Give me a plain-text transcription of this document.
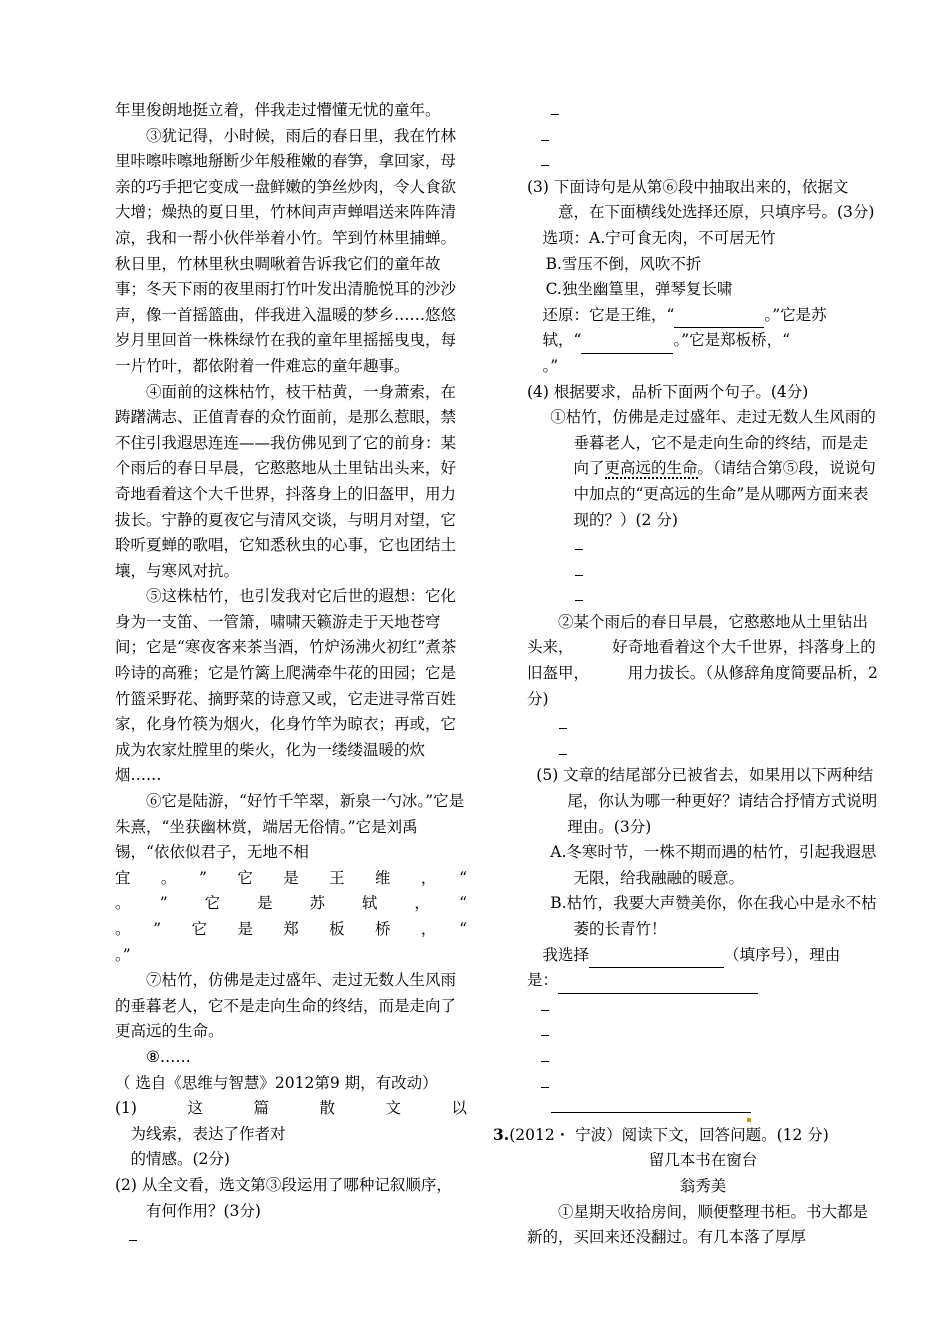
年里俊朗地挺立着，伴我走过懵懂无忧的童年。

③犹记得，小时候，雨后的春日里，我在竹林里咔嚓咔嚓地掰断少年般稚嫩的春笋，拿回家，母亲的巧手把它变成一盘鲜嫩的笋丝炒肉，令人食欲大增；燥热的夏日里，竹林间声声蝉唱送来阵阵清凉，我和一帮小伙伴举着小竹。竿到竹林里捕蝉。秋日里，竹林里秋虫啁啾着告诉我它们的童年故事；冬天下雨的夜里雨打竹叶发出清脆悦耳的沙沙声，像一首摇篮曲，伴我进入温暖的梦乡……悠悠岁月里回首一株株绿竹在我的童年里摇摇曳曳，每一片竹叶，都依附着一件难忘的童年趣事。

④面前的这株枯竹，枝干枯黄，一身萧索，在踌躇满志、正值青春的众竹面前，是那么惹眼，禁不住引我遐思连连——我仿佛见到了它的前身：某个雨后的春日早晨，它憨憨地从土里钻出头来，好奇地看着这个大千世界，抖落身上的旧盔甲，用力拔长。宁静的夏夜它与清风交谈，与明月对望，它聆听夏蝉的歌唱，它知悉秋虫的心事，它也团结土壤，与寒风对抗。

⑤这株枯竹，也引发我对它后世的遐想：它化身为一支笛、一管箫，啸啸天籁游走于天地苍穹间；它是“寒夜客来茶当酒，竹炉汤沸火初红”煮茶吟诗的高雅；它是竹篱上爬满牵牛花的田园；它是竹篮采野花、摘野菜的诗意又或，它走进寻常百姓家，化身竹筷为烟火，化身竹竿为晾衣；再或，它成为农家灶膛里的柴火，化为一缕缕温暖的炊烟……

⑥它是陆游，“好竹千竿翠，新泉一勺冰。”它是朱熹，“坐获幽林赏，端居无俗情。”它是刘禹锡，“依依似君子，无地不相

宜　。　”　它　是　王　维　，　“

。　”　它　是　苏　轼　，　“

。　”　它　是　郑　板　桥　，　“

。”

⑦枯竹，仿佛是走过盛年、走过无数人生风雨的垂暮老人，它不是走向生命的终结，而是走向了更高远的生命。

⑧……

（ 选自《思维与智慧》2012第9 期，有改动）

(1)　这　篇　散　文　以

为线索，表达了作者对

的情感。(2分)

(2) 从全文看，选文第③段运用了哪种记叙顺序，有何作用？(3分)

(3) 下面诗句是从第⑥段中抽取出来的，依据文意，在下面横线处选择还原，只填序号。(3分)

选项：A.宁可食无肉，不可居无竹

B.雪压不倒，风吹不折

C.独坐幽篁里，弹琴复长啸

还原：它是王维，“	。”它是苏

轼，“	。”它是郑板桥，“

。”

(4) 根据要求，品析下面两个句子。(4分)

①枯竹，仿佛是走过盛年、走过无数人生风雨的垂暮老人，它不是走向生命的终结，而是走向了更高远的生命。（请结合第⑤段，说说句中加点的“更高远的生命”是从哪两方面来表现的？）(2 分)

②某个雨后的春日早晨，它憨憨地从土里钻出头来，　　　好奇地看着这个大千世界，抖落身上的旧盔甲，　　　用力拔长。（从修辞角度简要品析，2 分)

(5) 文章的结尾部分已被省去，如果用以下两种结尾，你认为哪一种更好？请结合抒情方式说明理由。(3分)

A.冬寒时节，一株不期而遇的枯竹，引起我遐思无限，给我融融的暖意。

B.枯竹，我要大声赞美你，你在我心中是永不枯萎的长青竹！

我选择	（填序号），理由

是：

3.(2012・ 宁波）阅读下文，回答问题。(12 分)

留几本书在窗台

翁秀美

①星期天收拾房间，顺便整理书柜。书大都是新的，买回来还没翻过。有几本落了厚厚
